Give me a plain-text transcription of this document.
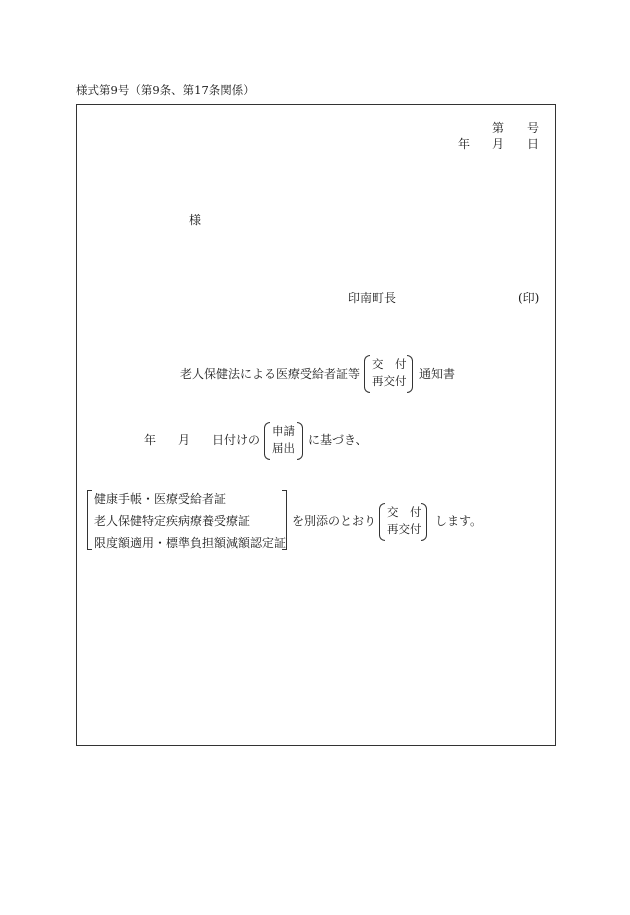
様式第9号（第9条、第17条関係）
第 号
年 月 日
様
印南町長	(印)
老人保健法による医療受給者証等
交　付
再交付 通知書
年 月 日付けの
申請
届出
に基づき、
健康手帳・医療受給者証
老人保健特定疾病療養受療証
限度額適用・標準負担額減額認定証
を別添のとおり
交　付
再交付
します。
